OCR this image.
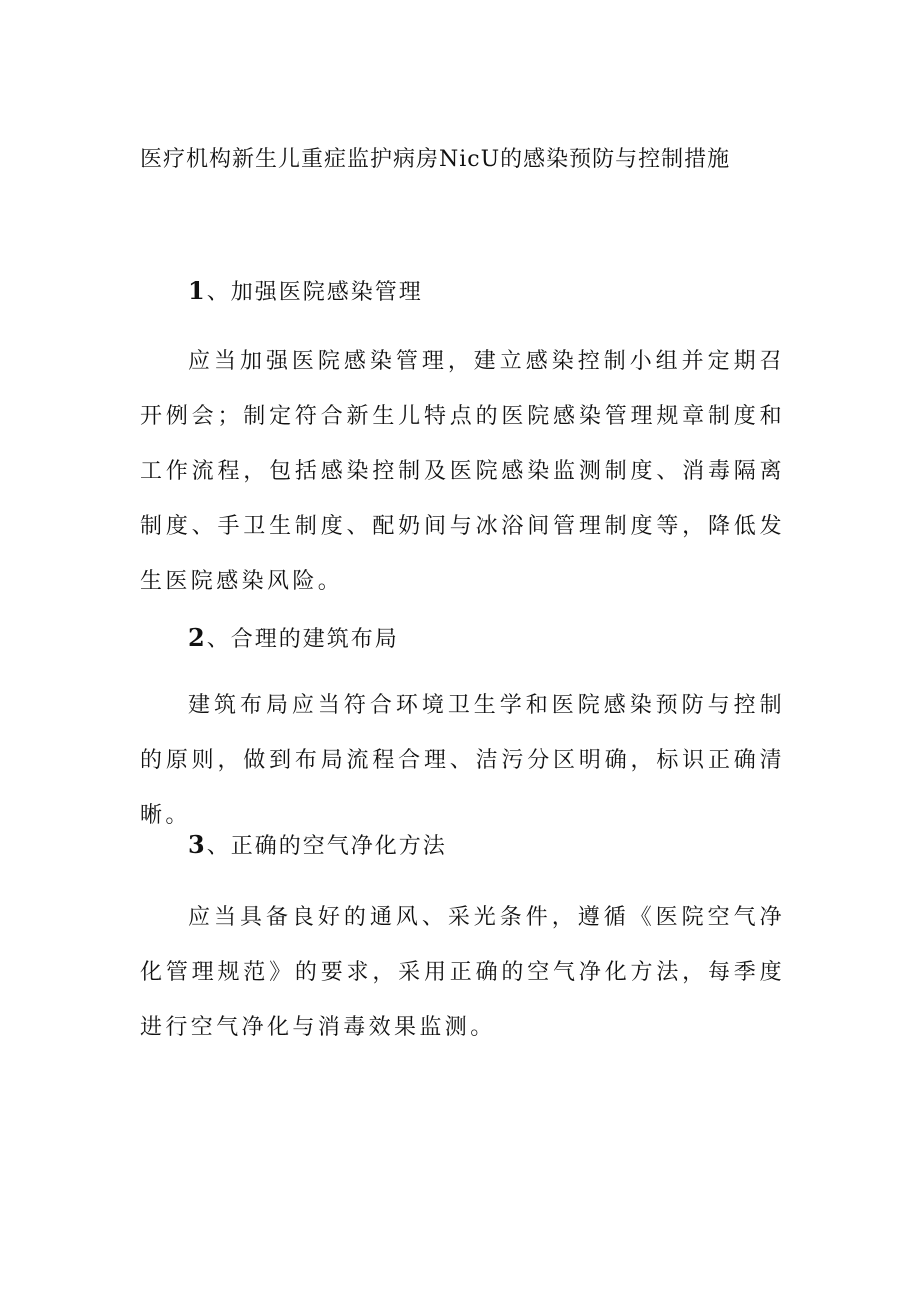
医疗机构新生儿重症监护病房NicU的感染预防与控制措施
1、加强医院感染管理
应当加强医院感染管理，建立感染控制小组并定期召开例会；制定符合新生儿特点的医院感染管理规章制度和工作流程，包括感染控制及医院感染监测制度、消毒隔离制度、手卫生制度、配奶间与冰浴间管理制度等，降低发生医院感染风险。
2、合理的建筑布局
建筑布局应当符合环境卫生学和医院感染预防与控制的原则，做到布局流程合理、洁污分区明确，标识正确清晰。
3、正确的空气净化方法
应当具备良好的通风、采光条件，遵循《医院空气净化管理规范》的要求，采用正确的空气净化方法，每季度进行空气净化与消毒效果监测。
